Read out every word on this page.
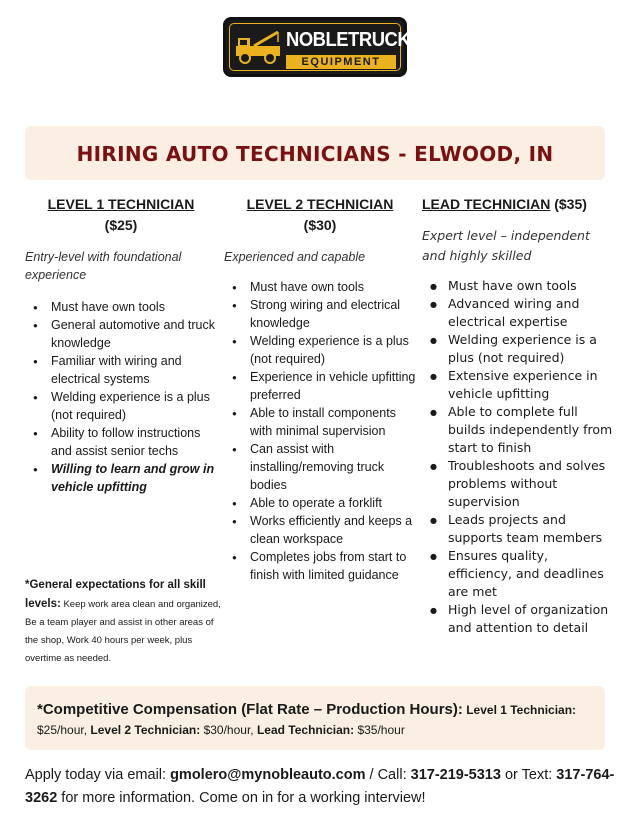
NOBLETRUCK
EQUIPMENT
HIRING AUTO TECHNICIANS - ELWOOD, IN
LEVEL 1 TECHNICIAN
($25)
Entry-level with foundational experience
● Must have own tools
● General automotive and truck knowledge
● Familiar with wiring and electrical systems
● Welding experience is a plus (not required)
● Ability to follow instructions and assist senior techs
● Willing to learn and grow in vehicle upfitting
LEVEL 2 TECHNICIAN
($30)
Experienced and capable
● Must have own tools
● Strong wiring and electrical knowledge
● Welding experience is a plus (not required)
● Experience in vehicle upfitting preferred
● Able to install components with minimal supervision
● Can assist with installing/removing truck bodies
● Able to operate a forklift
● Works efficiently and keeps a clean workspace
● Completes jobs from start to finish with limited guidance
LEAD TECHNICIAN ($35)
Expert level – independent and highly skilled
● Must have own tools
● Advanced wiring and electrical expertise
● Welding experience is a plus (not required)
● Extensive experience in vehicle upfitting
● Able to complete full builds independently from start to finish
● Troubleshoots and solves problems without supervision
● Leads projects and supports team members
● Ensures quality, efficiency, and deadlines are met
● High level of organization and attention to detail
*General expectations for all skill levels: Keep work area clean and organized, Be a team player and assist in other areas of the shop, Work 40 hours per week, plus overtime as needed.
*Competitive Compensation (Flat Rate – Production Hours): Level 1 Technician: $25/hour, Level 2 Technician: $30/hour, Lead Technician: $35/hour
Apply today via email: gmolero@mynobleauto.com / Call: 317-219-5313 or Text: 317-764-3262 for more information. Come on in for a working interview!
